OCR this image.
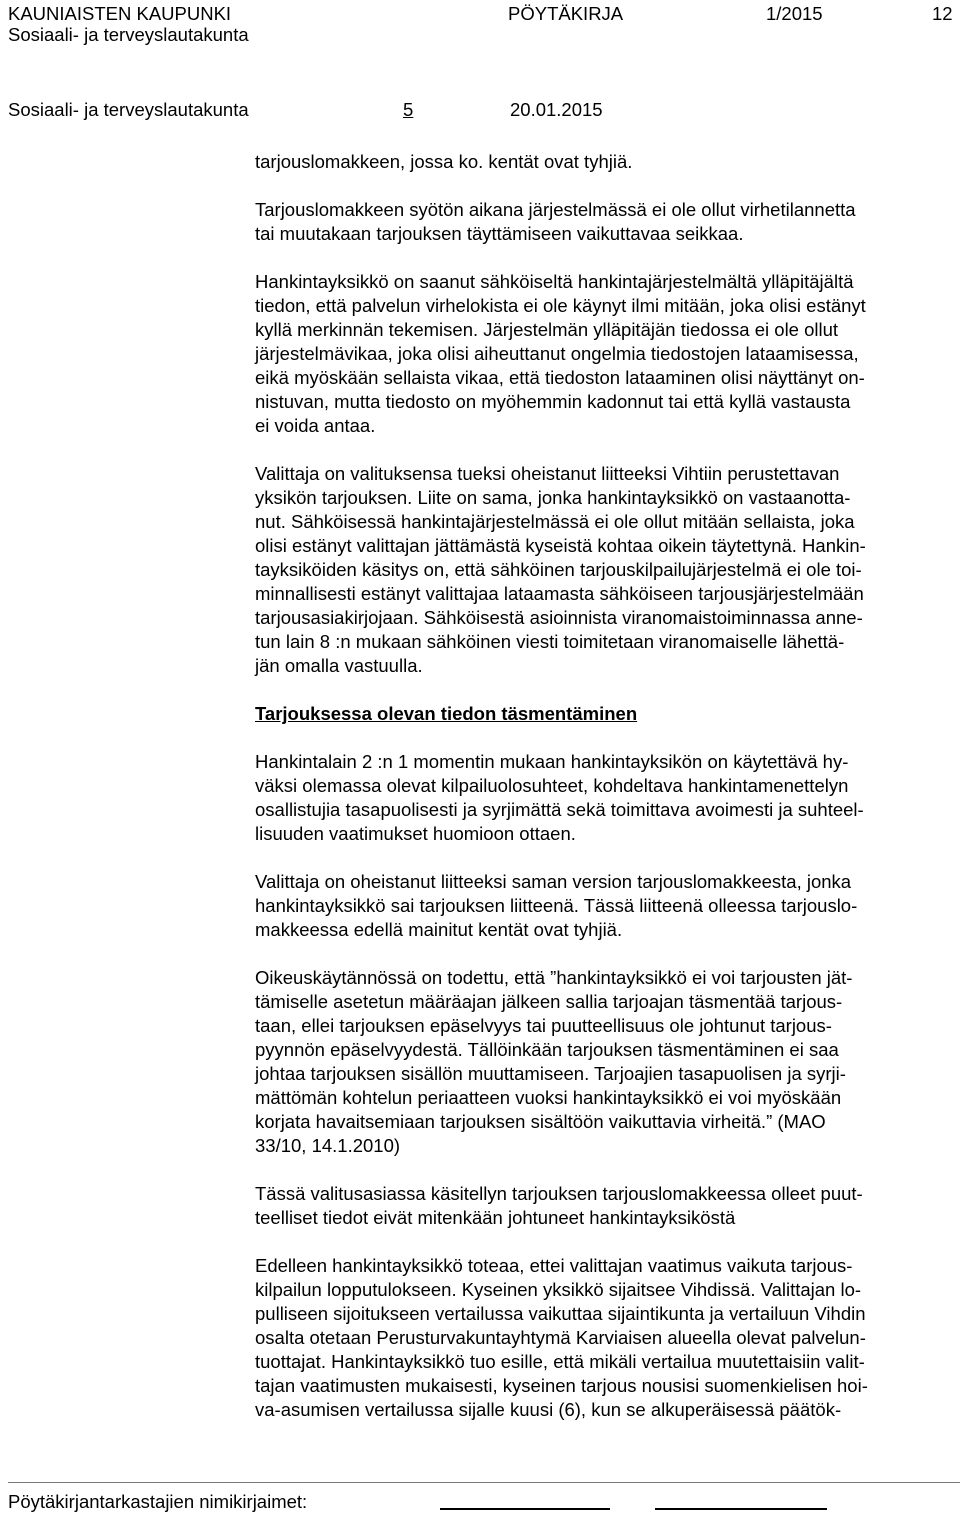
KAUNIAISTEN KAUPUNKI
Sosiaali- ja terveyslautakunta
PÖYTÄKIRJA	1/2015	12
Sosiaali- ja terveyslautakunta	5	20.01.2015

tarjouslomakkeen, jossa ko. kentät ovat tyhjiä.

Tarjouslomakkeen syötön aikana järjestelmässä ei ole ollut virhetilannetta
tai muutakaan tarjouksen täyttämiseen vaikuttavaa seikkaa.

Hankintayksikkö on saanut sähköiseltä hankintajärjestelmältä ylläpitäjältä
tiedon, että palvelun virhelokista ei ole käynyt ilmi mitään, joka olisi estänyt
kyllä merkinnän tekemisen. Järjestelmän ylläpitäjän tiedossa ei ole ollut
järjestelmävikaa, joka olisi aiheuttanut ongelmia tiedostojen lataamisessa,
eikä myöskään sellaista vikaa, että tiedoston lataaminen olisi näyttänyt on-
nistuvan, mutta tiedosto on myöhemmin kadonnut tai että kyllä vastausta
ei voida antaa.

Valittaja on valituksensa tueksi oheistanut liitteeksi Vihtiin perustettavan
yksikön tarjouksen. Liite on sama, jonka hankintayksikkö on vastaanotta-
nut. Sähköisessä hankintajärjestelmässä ei ole ollut mitään sellaista, joka
olisi estänyt valittajan jättämästä kyseistä kohtaa oikein täytettynä. Hankin-
tayksiköiden käsitys on, että sähköinen tarjouskilpailujärjestelmä ei ole toi-
minnallisesti estänyt valittajaa lataamasta sähköiseen tarjousjärjestelmään
tarjousasiakirjojaan. Sähköisestä asioinnista viranomaistoiminnassa anne-
tun lain 8 :n mukaan sähköinen viesti toimitetaan viranomaiselle lähettä-
jän omalla vastuulla.

Tarjouksessa olevan tiedon täsmentäminen

Hankintalain 2 :n 1 momentin mukaan hankintayksikön on käytettävä hy-
väksi olemassa olevat kilpailuolosuhteet, kohdeltava hankintamenettelyn
osallistujia tasapuolisesti ja syrjimättä sekä toimittava avoimesti ja suhteel-
lisuuden vaatimukset huomioon ottaen.

Valittaja on oheistanut liitteeksi saman version tarjouslomakkeesta, jonka
hankintayksikkö sai tarjouksen liitteenä. Tässä liitteenä olleessa tarjouslo-
makkeessa edellä mainitut kentät ovat tyhjiä.

Oikeuskäytännössä on todettu, että ”hankintayksikkö ei voi tarjousten jät-
tämiselle asetetun määräajan jälkeen sallia tarjoajan täsmentää tarjous-
taan, ellei tarjouksen epäselvyys tai puutteellisuus ole johtunut tarjous-
pyynnön epäselvyydestä. Tällöinkään tarjouksen täsmentäminen ei saa
johtaa tarjouksen sisällön muuttamiseen. Tarjoajien tasapuolisen ja syrji-
mättömän kohtelun periaatteen vuoksi hankintayksikkö ei voi myöskään
korjata havaitsemiaan tarjouksen sisältöön vaikuttavia virheitä.” (MAO
33/10, 14.1.2010)

Tässä valitusasiassa käsitellyn tarjouksen tarjouslomakkeessa olleet puut-
teelliset tiedot eivät mitenkään johtuneet hankintayksiköstä

Edelleen hankintayksikkö toteaa, ettei valittajan vaatimus vaikuta tarjous-
kilpailun lopputulokseen. Kyseinen yksikkö sijaitsee Vihdissä. Valittajan lo-
pulliseen sijoitukseen vertailussa vaikuttaa sijaintikunta ja vertailuun Vihdin
osalta otetaan Perusturvakuntayhtymä Karviaisen alueella olevat palvelun-
tuottajat. Hankintayksikkö tuo esille, että mikäli vertailua muutettaisiin valit-
tajan vaatimusten mukaisesti, kyseinen tarjous nousisi suomenkielisen hoi-
va-asumisen vertailussa sijalle kuusi (6), kun se alkuperäisessä päätök-

Pöytäkirjantarkastajien nimikirjaimet:
